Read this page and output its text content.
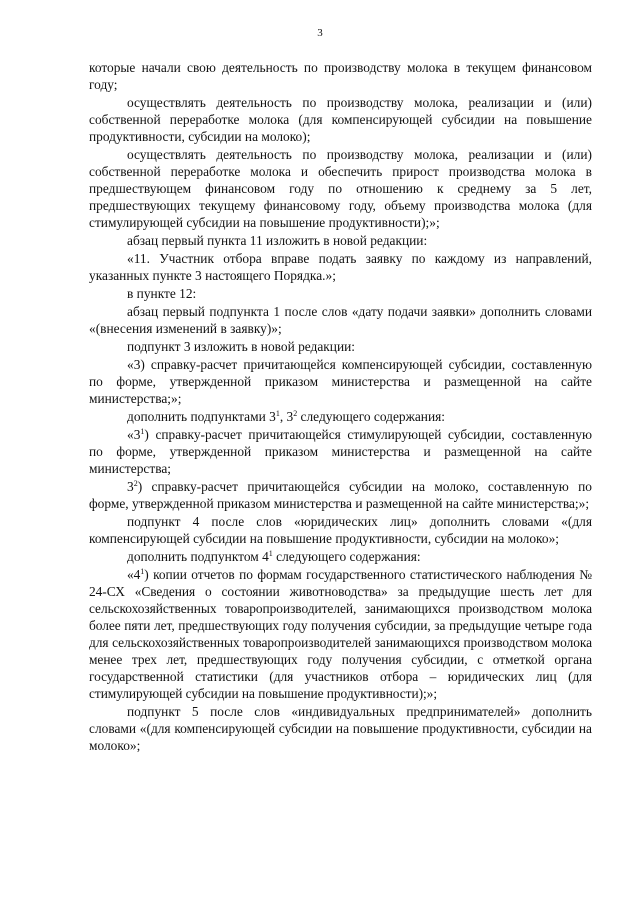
3

которые начали свою деятельность по производству молока в текущем финансовом году;

осуществлять деятельность по производству молока, реализации и (или) собственной переработке молока (для компенсирующей субсидии на повышение продуктивности, субсидии на молоко);

осуществлять деятельность по производству молока, реализации и (или) собственной переработке молока и обеспечить прирост производства молока в предшествующем финансовом году по отношению к среднему за 5 лет, предшествующих текущему финансовому году, объему производства молока (для стимулирующей субсидии на повышение продуктивности);»;

абзац первый пункта 11 изложить в новой редакции:

«11. Участник отбора вправе подать заявку по каждому из направлений, указанных пункте 3 настоящего Порядка.»;

в пункте 12:

абзац первый подпункта 1 после слов «дату подачи заявки» дополнить словами «(внесения изменений в заявку)»;

подпункт 3 изложить в новой редакции:

«3) справку-расчет причитающейся компенсирующей субсидии, составленную по форме, утвержденной приказом министерства и размещенной на сайте министерства;»;

дополнить подпунктами $3^1$, $3^2$ следующего содержания:

«$3^1$) справку-расчет причитающейся стимулирующей субсидии, составленную по форме, утвержденной приказом министерства и размещенной на сайте министерства;

$3^2$) справку-расчет причитающейся субсидии на молоко, составленную по форме, утвержденной приказом министерства и размещенной на сайте министерства;»;

подпункт 4 после слов «юридических лиц» дополнить словами «(для компенсирующей субсидии на повышение продуктивности, субсидии на молоко»;

дополнить подпунктом $4^1$ следующего содержания:

«$4^1$) копии отчетов по формам государственного статистического наблюдения № 24-СХ «Сведения о состоянии животноводства» за предыдущие шесть лет для сельскохозяйственных товаропроизводителей, занимающихся производством молока более пяти лет, предшествующих году получения субсидии, за предыдущие четыре года для сельскохозяйственных товаропроизводителей занимающихся производством молока менее трех лет, предшествующих году получения субсидии, с отметкой органа государственной статистики (для участников отбора – юридических лиц (для стимулирующей субсидии на повышение продуктивности);»;

подпункт 5 после слов «индивидуальных предпринимателей» дополнить словами «(для компенсирующей субсидии на повышение продуктивности, субсидии на молоко»;
